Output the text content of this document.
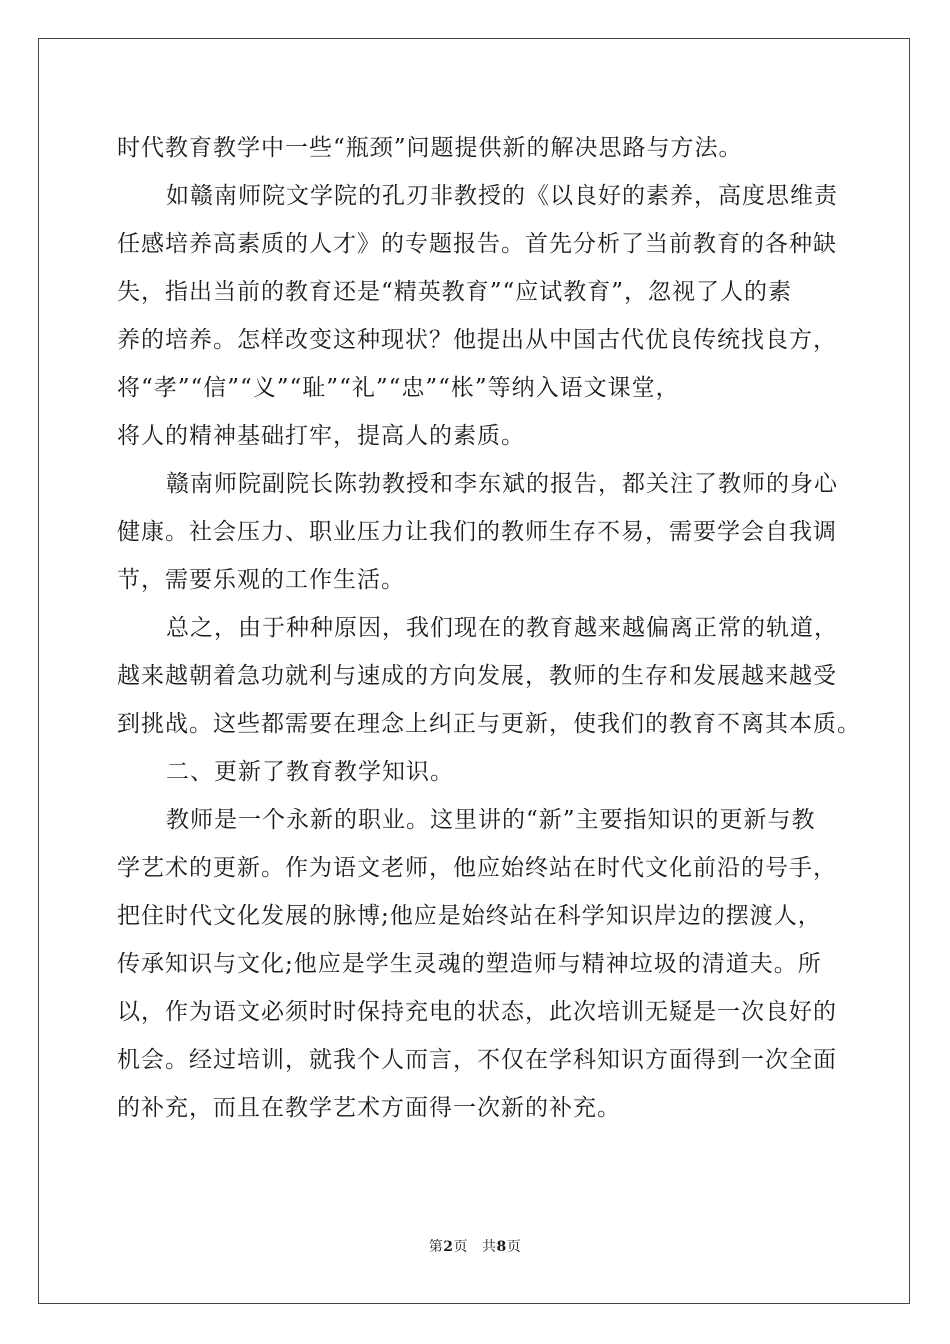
时代教育教学中一些“瓶颈”问题提供新的解决思路与方法。
如赣南师院文学院的孔刃非教授的《以良好的素养，高度思维责
任感培养高素质的人才》的专题报告。首先分析了当前教育的各种缺
失，指出当前的教育还是“精英教育”“应试教育”，忽视了人的素
养的培养。怎样改变这种现状？他提出从中国古代优良传统找良方，
将“孝”“信”“义”“耻”“礼”“忠”“枨”等纳入语文课堂，
将人的精神基础打牢，提高人的素质。
赣南师院副院长陈勃教授和李东斌的报告，都关注了教师的身心
健康。社会压力、职业压力让我们的教师生存不易，需要学会自我调
节，需要乐观的工作生活。
总之，由于种种原因，我们现在的教育越来越偏离正常的轨道，
越来越朝着急功就利与速成的方向发展，教师的生存和发展越来越受
到挑战。这些都需要在理念上纠正与更新，使我们的教育不离其本质。
二、更新了教育教学知识。
教师是一个永新的职业。这里讲的“新”主要指知识的更新与教
学艺术的更新。作为语文老师，他应始终站在时代文化前沿的号手，
把住时代文化发展的脉博;他应是始终站在科学知识岸边的摆渡人，
传承知识与文化;他应是学生灵魂的塑造师与精神垃圾的清道夫。所
以，作为语文必须时时保持充电的状态，此次培训无疑是一次良好的
机会。经过培训，就我个人而言，不仅在学科知识方面得到一次全面
的补充，而且在教学艺术方面得一次新的补充。
第2页 共8页
